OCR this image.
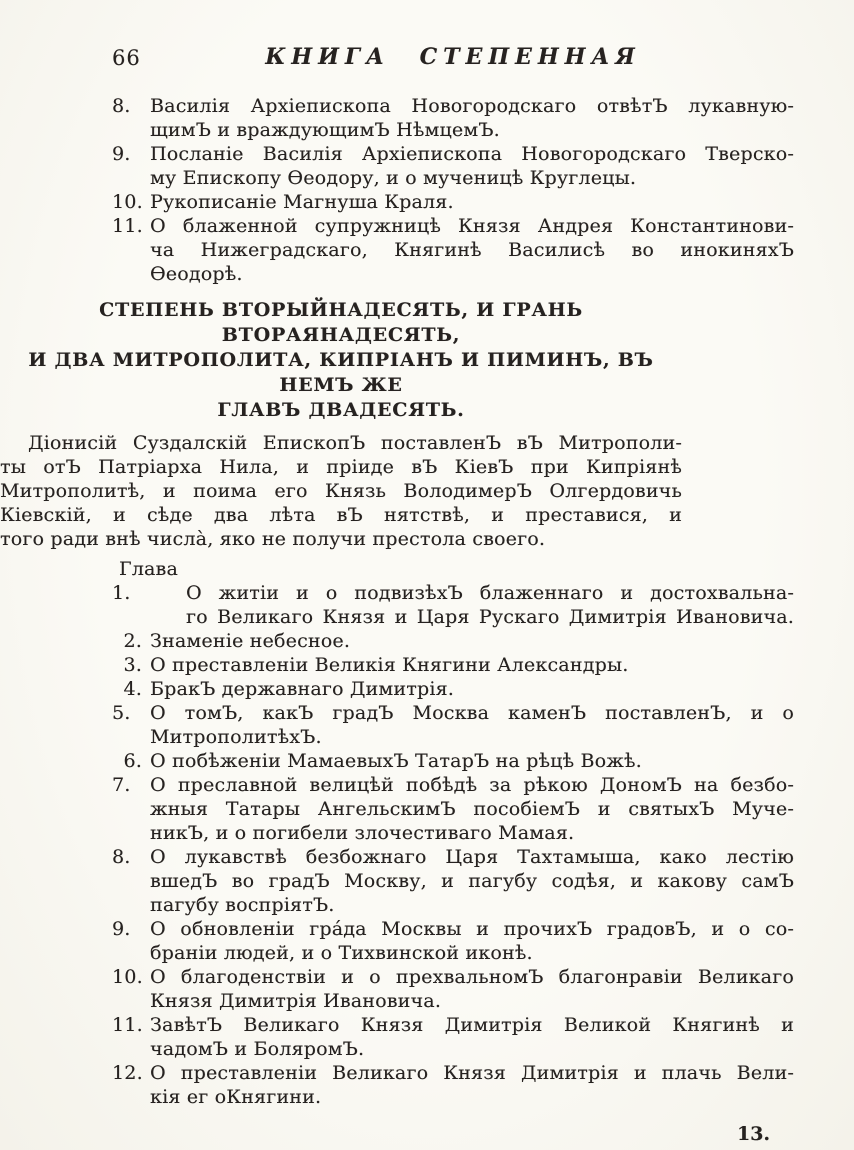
66	КНИГА СТЕПЕННАЯ
8. Василія Архіепископа Новогородскаго отвѣтЪ лукавную-
щимЪ и враждующимЪ НѣмцемЪ.
9. Посланіе Василія Архіепископа Новогородскаго Тверско-
му Епископу Ѳеодору, и о мученицѣ Круглецы.
10. Рукописаніе Магнуша Краля.
11. О блаженной супружницѣ Князя Андрея Константинови-
ча Нижеградскаго, Княгинѣ Василисѣ во инокиняхЪ
Ѳеодорѣ.
СТЕПЕНЬ ВТОРЫЙНАДЕСЯТЬ, И ГРАНЬ ВТОРАЯНАДЕСЯТЬ,
И ДВА МИТРОПОЛИТА, КИПРІАНЪ И ПИМИНЪ, ВЪ НЕМЪ ЖЕ
ГЛАВЪ ДВАДЕСЯТЬ.
Діонисій Суздалскій ЕпископЪ поставленЪ вЪ Митрополи-
ты отЪ Патріарха Нила, и пріиде вЪ КіевЪ при Кипріянѣ
Митрополитѣ, и поима его Князь ВолодимерЪ Олгердовичь
Кіевскій, и сѣде два лѣта вЪ нятствѣ, и преставися, и
того ради внѣ числа̀, яко не получи престола своего.
Глава 1.	О житіи и о подвизѣхЪ блаженнаго и достохвальна-
го Великаго Князя и Царя Рускаго Димитрія Ивановича.
2. Знаменіе небесное.
3. О преставленіи Великія Княгини Александры.
4. БракЪ державнаго Димитрія.
5. О томЪ, какЪ градЪ Москва каменЪ поставленЪ, и о
МитрополитѣхЪ.
6. О побѣженіи МамаевыхЪ ТатарЪ на рѣцѣ Вожѣ.
7. О преславной велицѣй побѣдѣ за рѣкою ДономЪ на безбо-
жныя Татары АнгельскимЪ пособіемЪ и святыхЪ Муче-
никЪ, и о погибели злочестиваго Мамая.
8. О лукавствѣ безбожнаго Царя Тахтамыша, како лестію
вшедЪ во градЪ Москву, и пагубу содѣя, и какову самЪ
пагубу воспріятЪ.
9. О обновленіи гра́да Москвы и прочихЪ градовЪ, и о со-
браніи людей, и о Тихвинской иконѣ.
10. О благоденствіи и о прехвальномЪ благонравіи Великаго
Князя Димитрія Ивановича.
11. ЗавѣтЪ Великаго Князя Димитрія Великой Княгинѣ и
чадомЪ и БоляромЪ.
12. О преставленіи Великаго Князя Димитрія и плачь Вели-
кія ег оКнягини.
13.
